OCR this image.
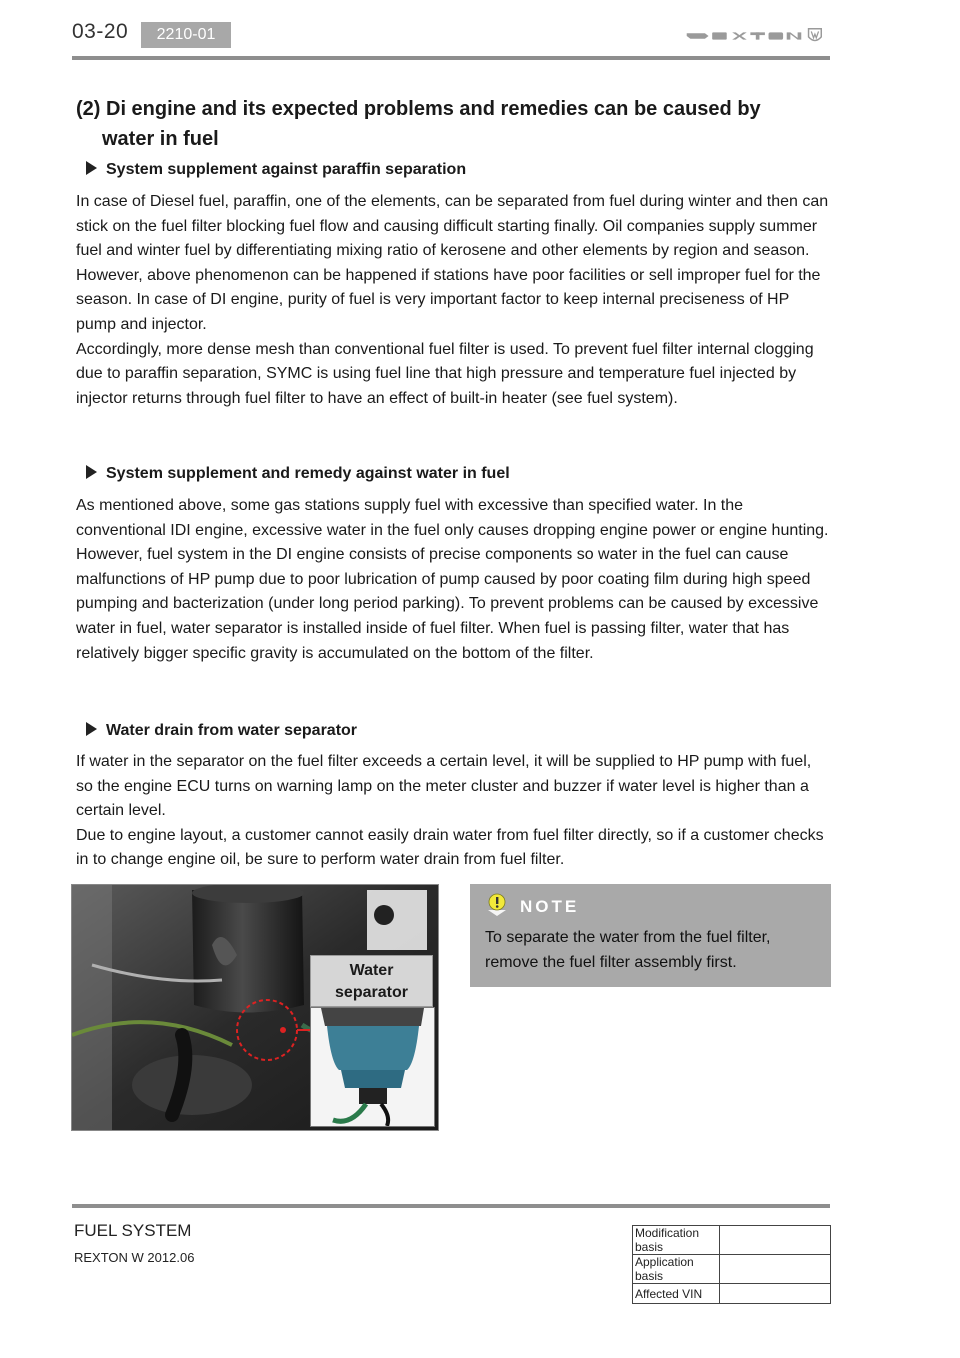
03-20	2210-01
(2) Di engine and its expected problems and remedies can be caused by
water in fuel
System supplement against paraffin separation

In case of Diesel fuel, paraffin, one of the elements, can be separated from fuel during winter and then can stick on the fuel filter blocking fuel flow and causing difficult starting finally. Oil companies supply summer fuel and winter fuel by differentiating mixing ratio of kerosene and other elements by region and season. However, above phenomenon can be happened if stations have poor facilities or sell improper fuel for the season. In case of DI engine, purity of fuel is very important factor to keep internal preciseness of HP pump and injector.

Accordingly, more dense mesh than conventional fuel filter is used. To prevent fuel filter internal clogging due to paraffin separation, SYMC is using fuel line that high pressure and temperature fuel injected by injector returns through fuel filter to have an effect of built-in heater (see fuel system).

System supplement and remedy against water in fuel

As mentioned above, some gas stations supply fuel with excessive than specified water. In the conventional IDI engine, excessive water in the fuel only causes dropping engine power or engine hunting. However, fuel system in the DI engine consists of precise components so water in the fuel can cause malfunctions of HP pump due to poor lubrication of pump caused by poor coating film during high speed pumping and bacterization (under long period parking). To prevent problems can be caused by excessive water in fuel, water separator is installed inside of fuel filter. When fuel is passing filter, water that has relatively bigger specific gravity is accumulated on the bottom of the filter.

Water drain from water separator

If water in the separator on the fuel filter exceeds a certain level, it will be supplied to HP pump with fuel, so the engine ECU turns on warning lamp on the meter cluster and buzzer if water level is higher than a certain level.

Due to engine layout, a customer cannot easily drain water from fuel filter directly, so if a customer checks in to change engine oil, be sure to perform water drain from fuel filter.

Water
separator
NOTE
To separate the water from the fuel filter,
remove the fuel filter assembly first.
FUEL SYSTEM
REXTON W 2012.06
Modification basis	
Application basis	
Affected VIN	
